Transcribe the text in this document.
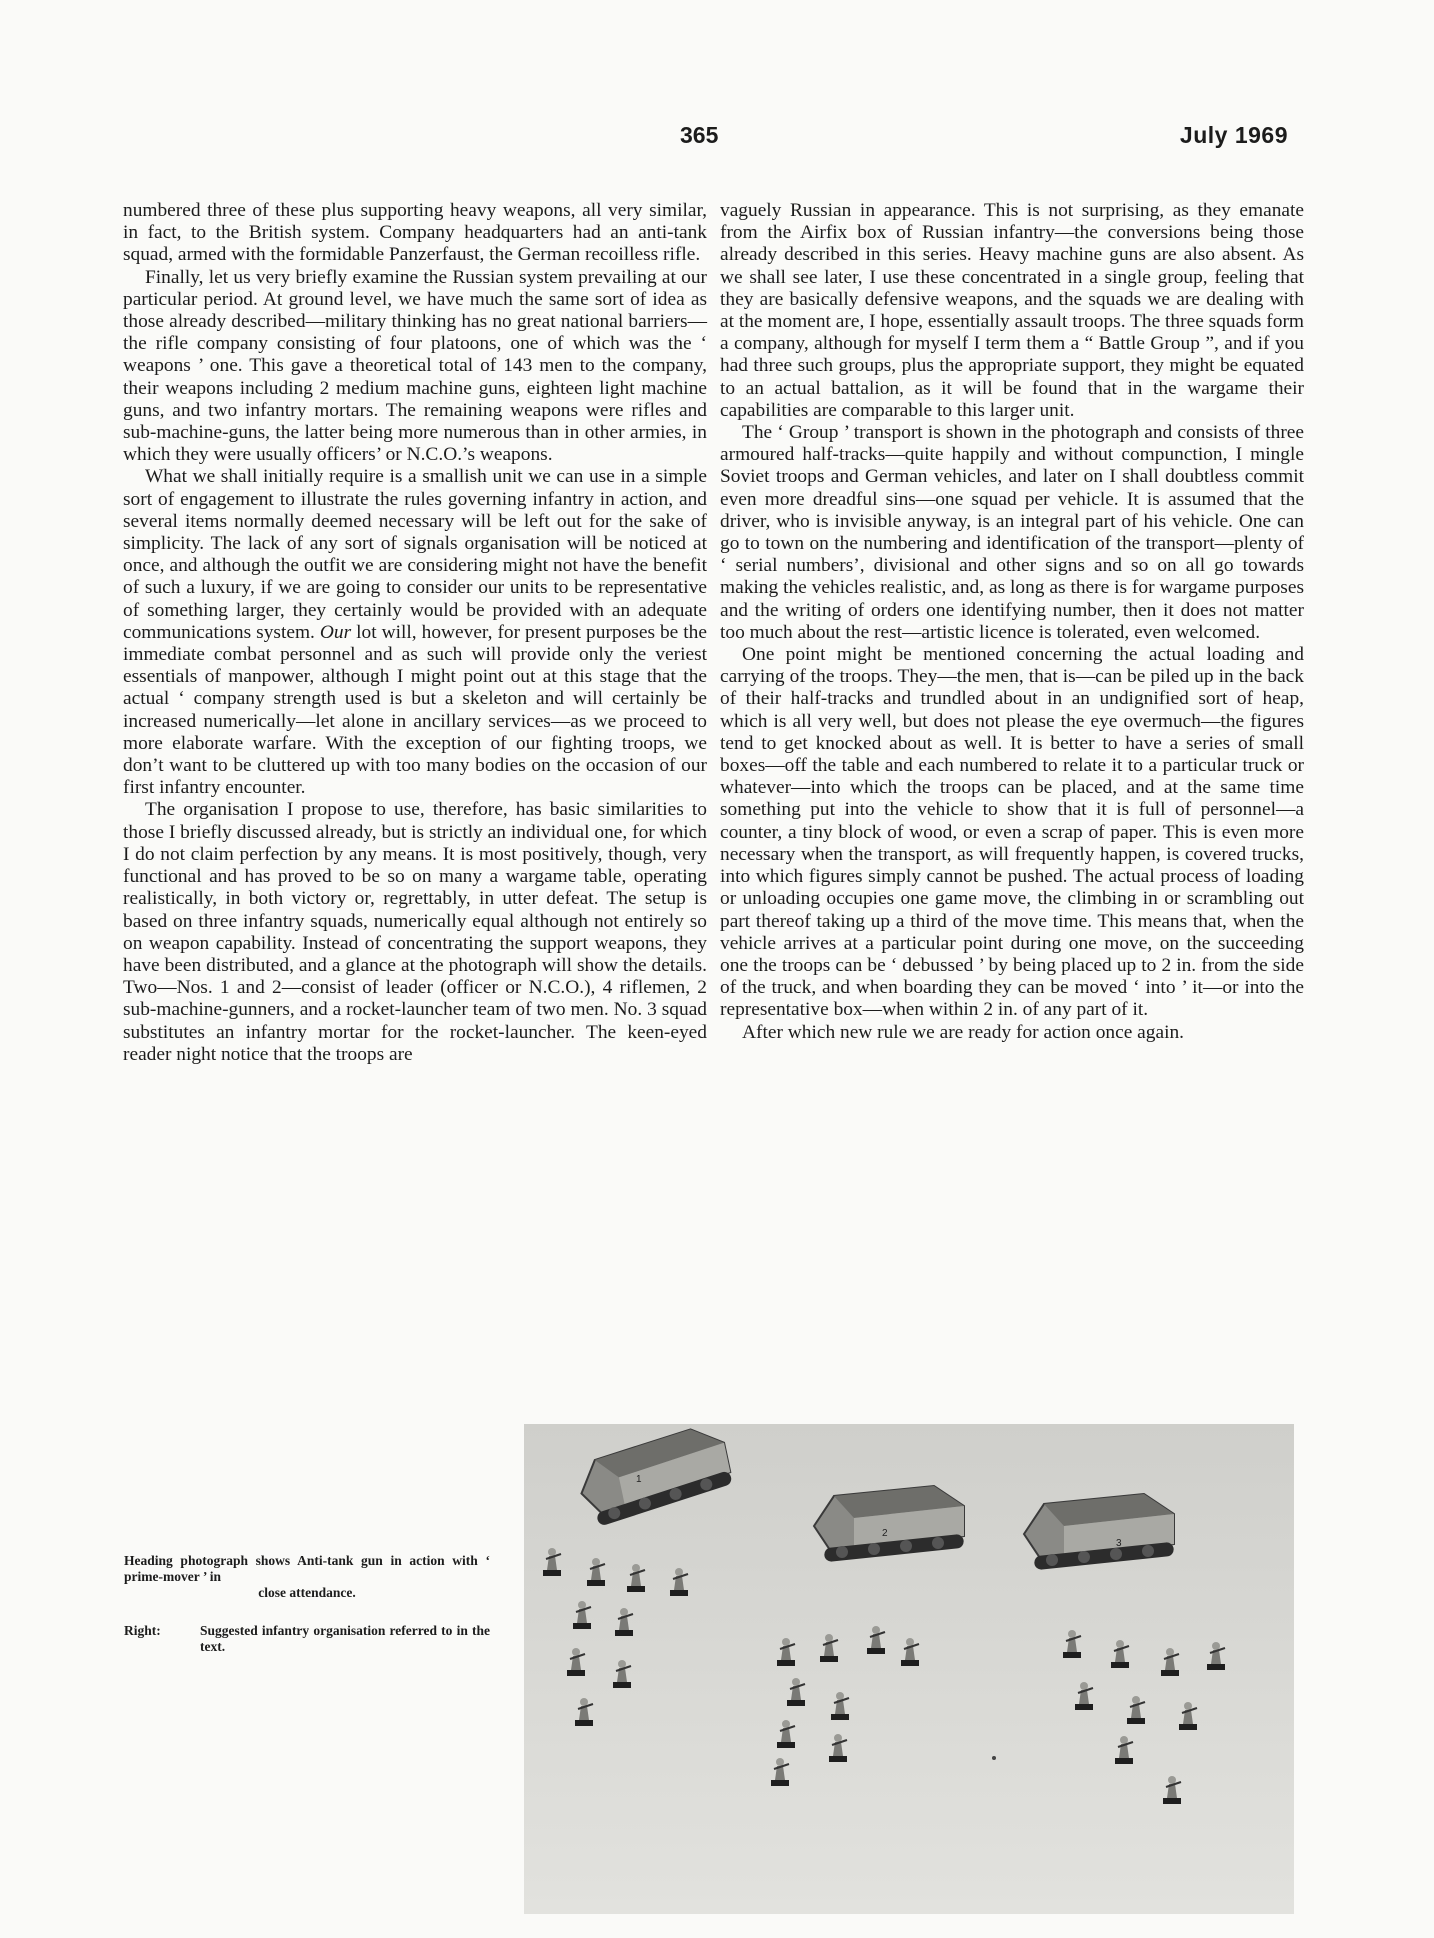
365	July 1969

numbered three of these plus supporting heavy weapons, all very similar, in fact, to the British system. Company headquarters had an anti-tank squad, armed with the formidable Panzerfaust, the German recoilless rifle.

Finally, let us very briefly examine the Russian system prevailing at our particular period. At ground level, we have much the same sort of idea as those already described—military thinking has no great national barriers—the rifle company consisting of four platoons, one of which was the ‘ weapons ’ one. This gave a theoretical total of 143 men to the company, their weapons including 2 medium machine guns, eighteen light machine guns, and two infantry mortars. The remaining weapons were rifles and sub-machine-guns, the latter being more numerous than in other armies, in which they were usually officers’ or N.C.O.’s weapons.

What we shall initially require is a smallish unit we can use in a simple sort of engagement to illustrate the rules governing infantry in action, and several items normally deemed necessary will be left out for the sake of simplicity. The lack of any sort of signals organisation will be noticed at once, and although the outfit we are considering might not have the benefit of such a luxury, if we are going to consider our units to be representative of something larger, they certainly would be provided with an adequate communications system. Our lot will, however, for present purposes be the immediate combat personnel and as such will provide only the veriest essentials of manpower, although I might point out at this stage that the actual ‘ company strength used is but a skeleton and will certainly be increased numerically—let alone in ancillary services—as we proceed to more elaborate warfare. With the exception of our fighting troops, we don’t want to be cluttered up with too many bodies on the occasion of our first infantry encounter.

The organisation I propose to use, therefore, has basic similarities to those I briefly discussed already, but is strictly an individual one, for which I do not claim perfection by any means. It is most positively, though, very functional and has proved to be so on many a wargame table, operating realistically, in both victory or, regrettably, in utter defeat. The setup is based on three infantry squads, numerically equal although not entirely so on weapon capability. Instead of concentrating the support weapons, they have been distributed, and a glance at the photograph will show the details. Two—Nos. 1 and 2—consist of leader (officer or N.C.O.), 4 riflemen, 2 sub-machine-gunners, and a rocket-launcher team of two men. No. 3 squad substitutes an infantry mortar for the rocket-launcher. The keen-eyed reader night notice that the troops are

vaguely Russian in appearance. This is not surprising, as they emanate from the Airfix box of Russian infantry—the conversions being those already described in this series. Heavy machine guns are also absent. As we shall see later, I use these concentrated in a single group, feeling that they are basically defensive weapons, and the squads we are dealing with at the moment are, I hope, essentially assault troops. The three squads form a company, although for myself I term them a “ Battle Group ”, and if you had three such groups, plus the appropriate support, they might be equated to an actual battalion, as it will be found that in the wargame their capabilities are comparable to this larger unit.

The ‘ Group ’ transport is shown in the photograph and consists of three armoured half-tracks—quite happily and without compunction, I mingle Soviet troops and German vehicles, and later on I shall doubtless commit even more dreadful sins—one squad per vehicle. It is assumed that the driver, who is invisible anyway, is an integral part of his vehicle. One can go to town on the numbering and identification of the transport—plenty of ‘ serial numbers’, divisional and other signs and so on all go towards making the vehicles realistic, and, as long as there is for wargame purposes and the writing of orders one identifying number, then it does not matter too much about the rest—artistic licence is tolerated, even welcomed.

One point might be mentioned concerning the actual loading and carrying of the troops. They—the men, that is—can be piled up in the back of their half-tracks and trundled about in an undignified sort of heap, which is all very well, but does not please the eye overmuch—the figures tend to get knocked about as well. It is better to have a series of small boxes—off the table and each numbered to relate it to a particular truck or whatever—into which the troops can be placed, and at the same time something put into the vehicle to show that it is full of personnel—a counter, a tiny block of wood, or even a scrap of paper. This is even more necessary when the transport, as will frequently happen, is covered trucks, into which figures simply cannot be pushed. The actual process of loading or unloading occupies one game move, the climbing in or scrambling out part thereof taking up a third of the move time. This means that, when the vehicle arrives at a particular point during one move, on the succeeding one the troops can be ‘ debussed ’ by being placed up to 2 in. from the side of the truck, and when boarding they can be moved ‘ into ’ it—or into the representative box—when within 2 in. of any part of it.

After which new rule we are ready for action once again.

Heading photograph shows Anti-tank gun in action with ‘ prime-mover ’ in
close attendance.

Right:	Suggested infantry organisation referred to in the text.
1
2
3
